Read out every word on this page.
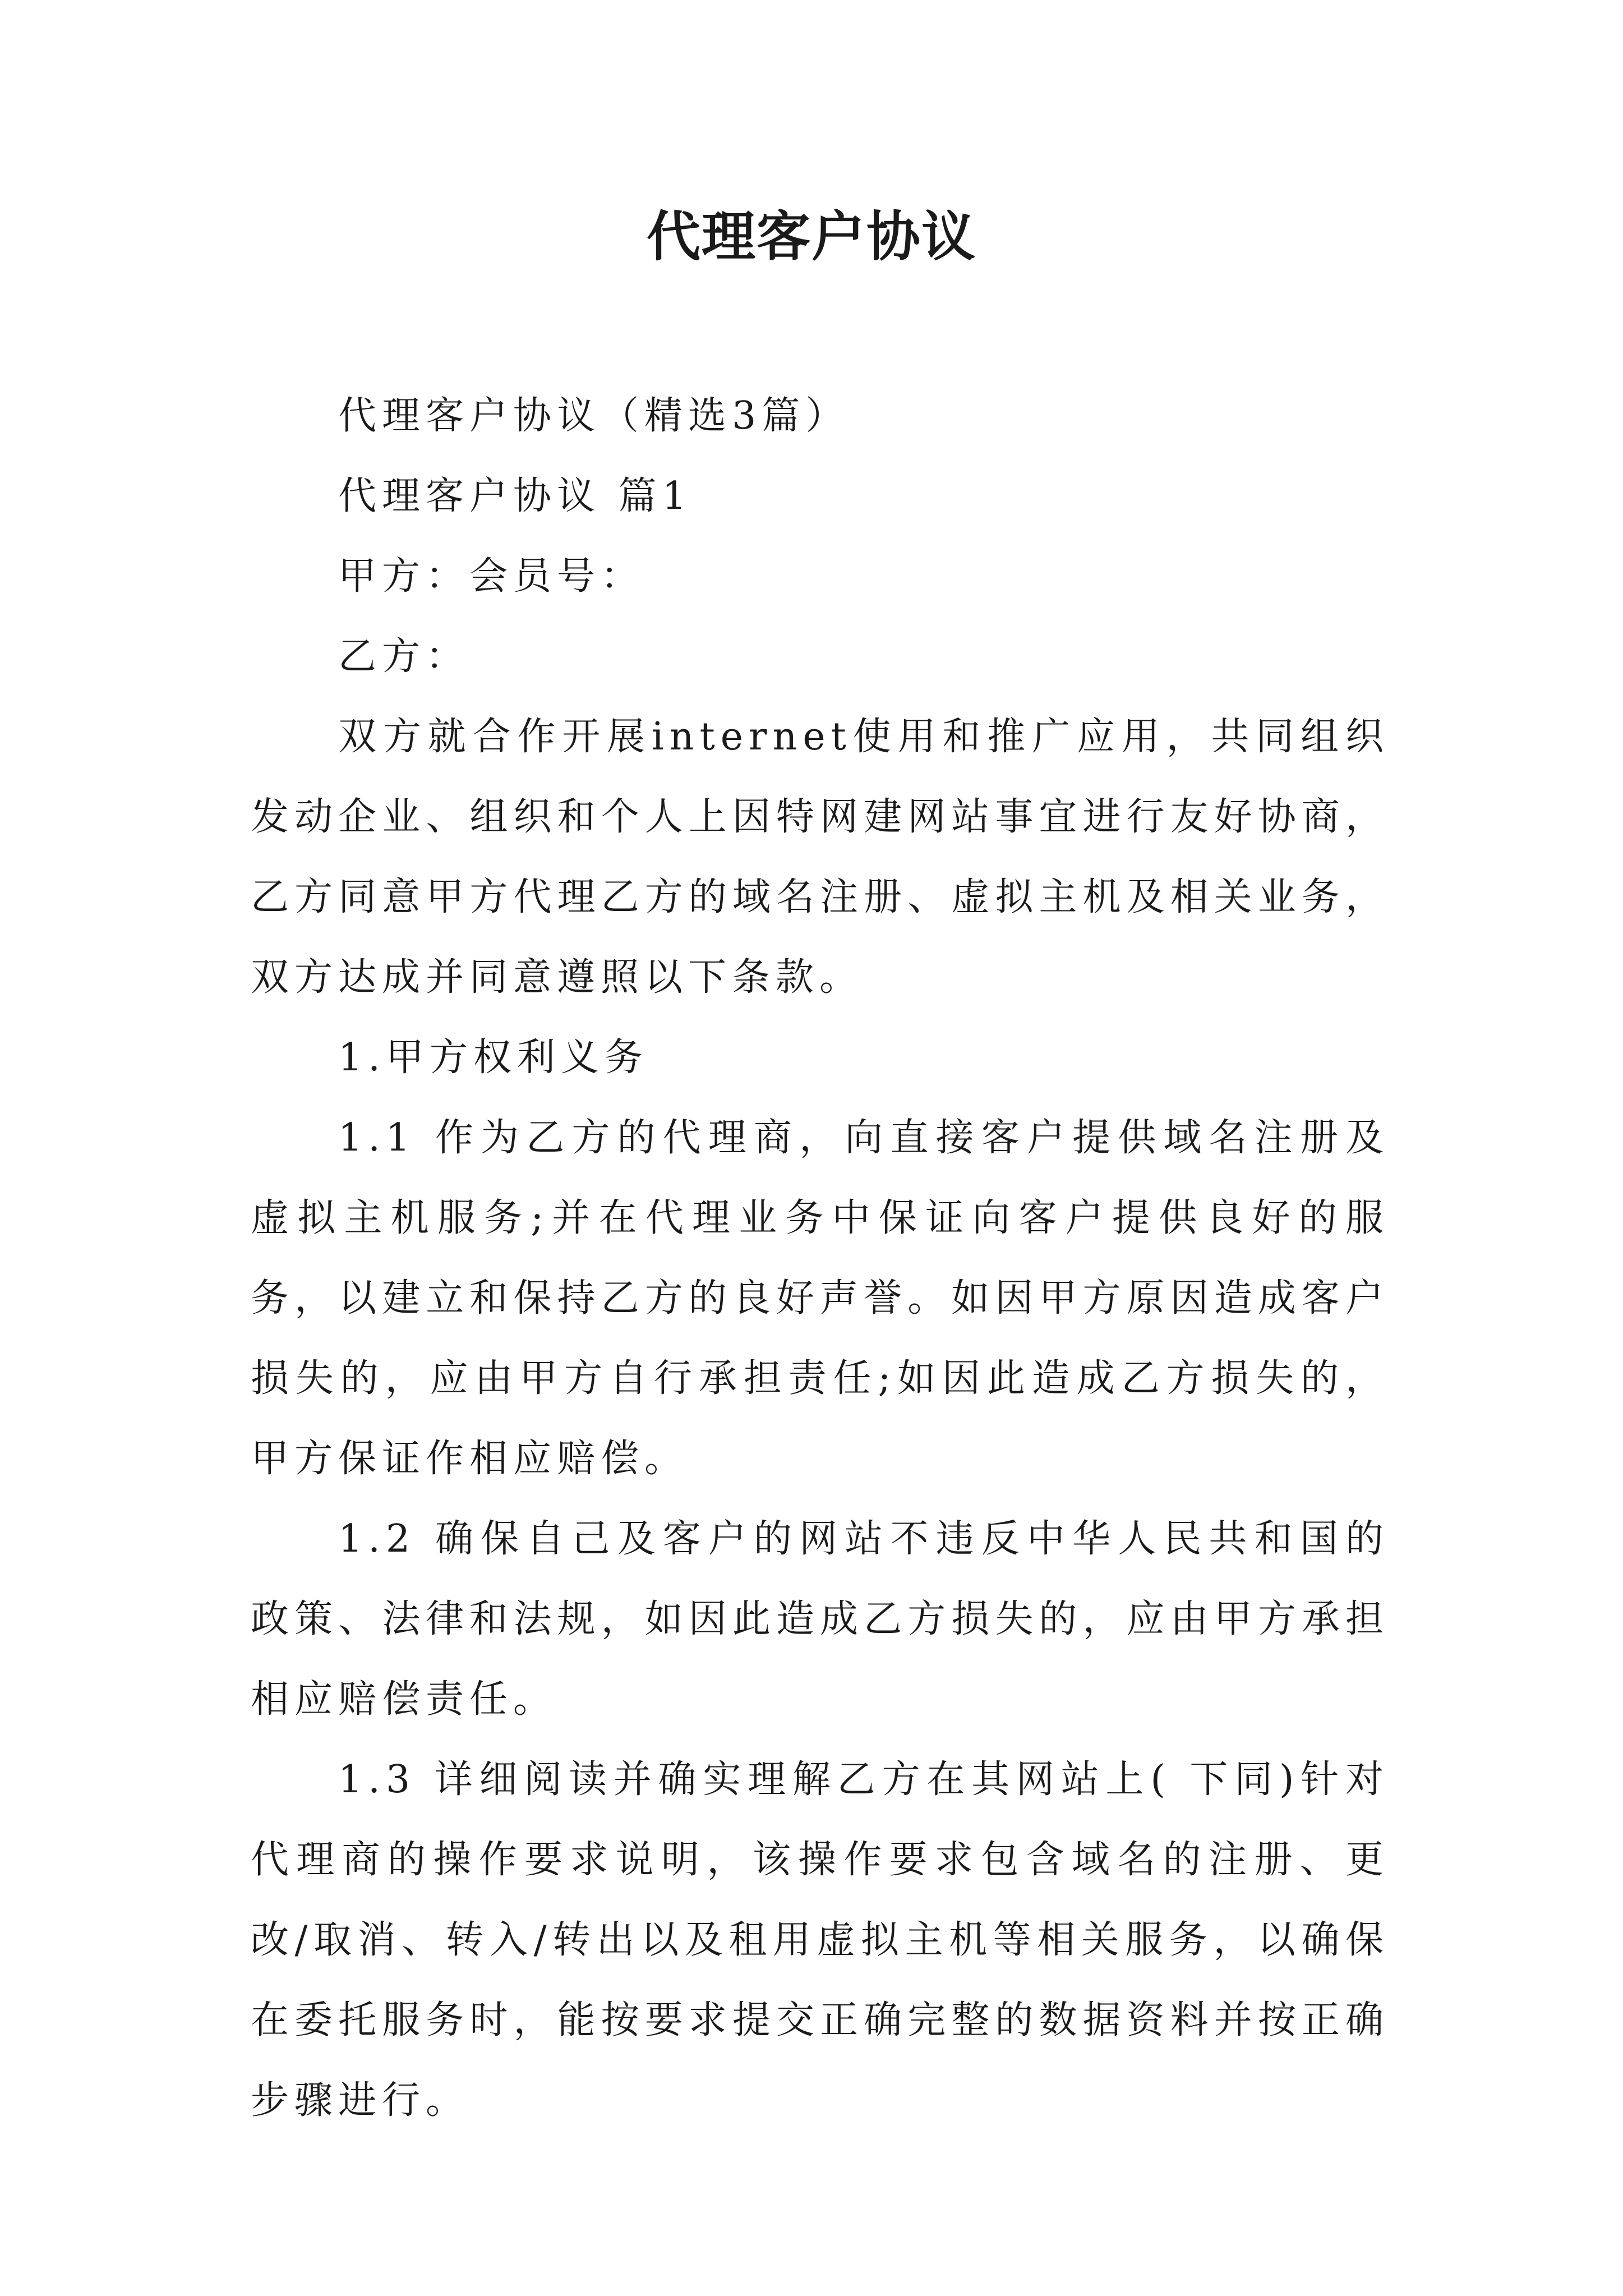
代理客户协议

代理客户协议（精选3篇）

代理客户协议 篇1

甲方：会员号：

乙方：

双方就合作开展internet使用和推广应用，共同组织发动企业、组织和个人上因特网建网站事宜进行友好协商，乙方同意甲方代理乙方的域名注册、虚拟主机及相关业务，双方达成并同意遵照以下条款。

1.甲方权利义务

1.1 作为乙方的代理商，向直接客户提供域名注册及虚拟主机服务;并在代理业务中保证向客户提供良好的服务，以建立和保持乙方的良好声誉。如因甲方原因造成客户损失的，应由甲方自行承担责任;如因此造成乙方损失的，甲方保证作相应赔偿。

1.2 确保自己及客户的网站不违反中华人民共和国的政策、法律和法规，如因此造成乙方损失的，应由甲方承担相应赔偿责任。

1.3 详细阅读并确实理解乙方在其网站上( 下同)针对代理商的操作要求说明，该操作要求包含域名的注册、更改/取消、转入/转出以及租用虚拟主机等相关服务，以确保在委托服务时，能按要求提交正确完整的数据资料并按正确步骤进行。
